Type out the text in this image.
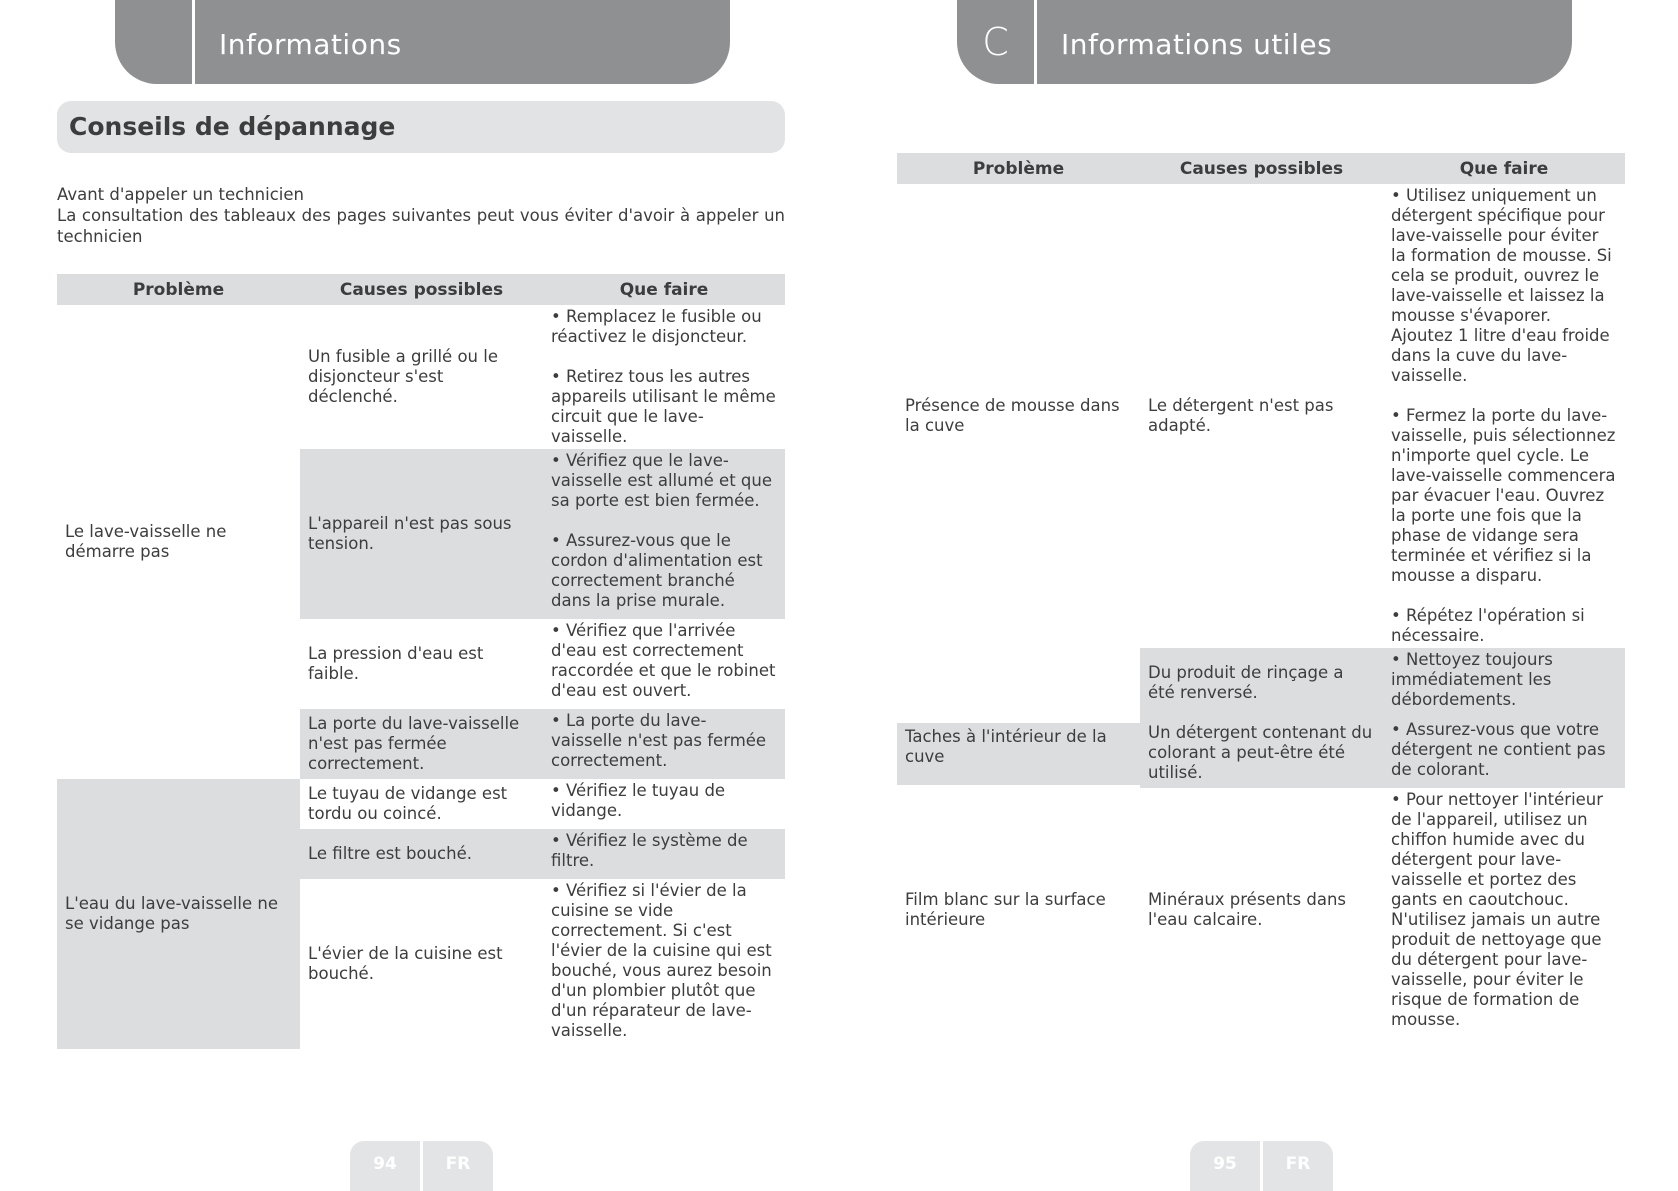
Informations
Conseils de dépannage

Avant d'appeler un technicien

La consultation des tableaux des pages suivantes peut vous éviter d'avoir à appeler un technicien

Problème	Causes possibles	Que faire
Le lave-vaisselle ne démarre pas	Un fusible a grillé ou le disjoncteur s'est déclenché.	• Remplacez le fusible ou réactivez le disjoncteur.
• Retirez tous les autres appareils utilisant le même circuit que le lave-vaisselle.

	L'appareil n'est pas sous tension.	• Vérifiez que le lave-vaisselle est allumé et que sa porte est bien fermée.
• Assurez-vous que le cordon d'alimentation est correctement branché dans la prise murale.

	La pression d'eau est faible.	• Vérifiez que l'arrivée d'eau est correctement raccordée et que le robinet d'eau est ouvert.

	La porte du lave-vaisselle n'est pas fermée correctement.	• La porte du lave-vaisselle n'est pas fermée correctement.

L'eau du lave-vaisselle ne se vidange pas	Le tuyau de vidange est tordu ou coincé.	• Vérifiez le tuyau de vidange.

	Le filtre est bouché.	• Vérifiez le système de filtre.

	L'évier de la cuisine est bouché.	• Vérifiez si l'évier de la cuisine se vide correctement. Si c'est l'évier de la cuisine qui est bouché, vous aurez besoin d'un plombier plutôt que d'un réparateur de lave-vaisselle.
94	FR
C	Informations utiles
Problème	Causes possibles	Que faire
Présence de mousse dans la cuve	Le détergent n'est pas adapté.	• Utilisez uniquement un détergent spécifique pour lave-vaisselle pour éviter la formation de mousse. Si cela se produit, ouvrez le lave-vaisselle et laissez la mousse s'évaporer. Ajoutez 1 litre d'eau froide dans la cuve du lave-vaisselle.
• Fermez la porte du lave-vaisselle, puis sélectionnez n'importe quel cycle. Le lave-vaisselle commencera par évacuer l'eau. Ouvrez la porte une fois que la phase de vidange sera terminée et vérifiez si la mousse a disparu.
• Répétez l'opération si nécessaire.

Taches à l'intérieur de la cuve	Du produit de rinçage a été renversé.	• Nettoyez toujours immédiatement les débordements.

	Un détergent contenant du colorant a peut-être été utilisé.	• Assurez-vous que votre détergent ne contient pas de colorant.

Film blanc sur la surface intérieure	Minéraux présents dans l'eau calcaire.	• Pour nettoyer l'intérieur de l'appareil, utilisez un chiffon humide avec du détergent pour lave-vaisselle et portez des gants en caoutchouc. N'utilisez jamais un autre produit de nettoyage que du détergent pour lave-vaisselle, pour éviter le risque de formation de mousse.
95	FR
